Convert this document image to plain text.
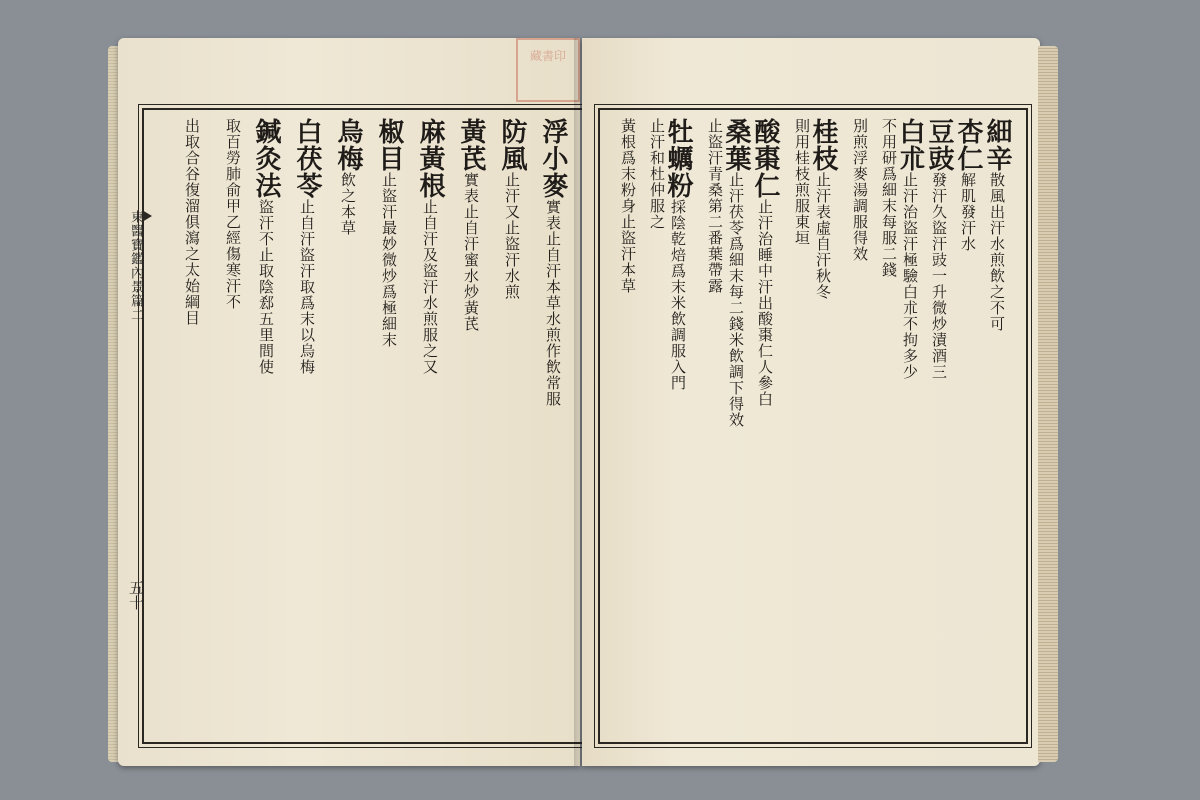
藏書印
東醫寶鑑內景篇二
五十
浮小麥實表止自汗本草水煎作飲常服
防風止汗又止盜汗水煎
黃芪實表止自汗蜜水炒黃芪
麻黃根止自汗及盜汗水煎服之又
椒目止盜汗最妙微炒爲極細末
烏梅飲之本草
白茯苓止自汗盜汗取爲末以烏梅
鍼灸法盜汗不止取陰郄五里間使
取百勞肺俞甲乙經傷寒汗不
出取合谷復溜俱瀉之太始綱目	細辛散風出汗水煎飲之不可
杏仁解肌發汗水
豆豉發汗久盜汗豉一升微炒漬酒三
白朮止汗治盜汗極驗白朮不拘多少
不用研爲細末每服二錢
別煎浮麥湯調服得效
桂枝止汗表虛自汗秋冬
則用桂枝煎服東垣
酸棗仁止汗治睡中汗出酸棗仁人參白
桑葉止汗茯苓爲細末每二錢米飲調下得效
止盜汗青桑第二番葉帶露
牡蠣粉採陰乾焙爲末米飲調服入門
止汗和杜仲服之
黃根爲末粉身止盜汗本草
